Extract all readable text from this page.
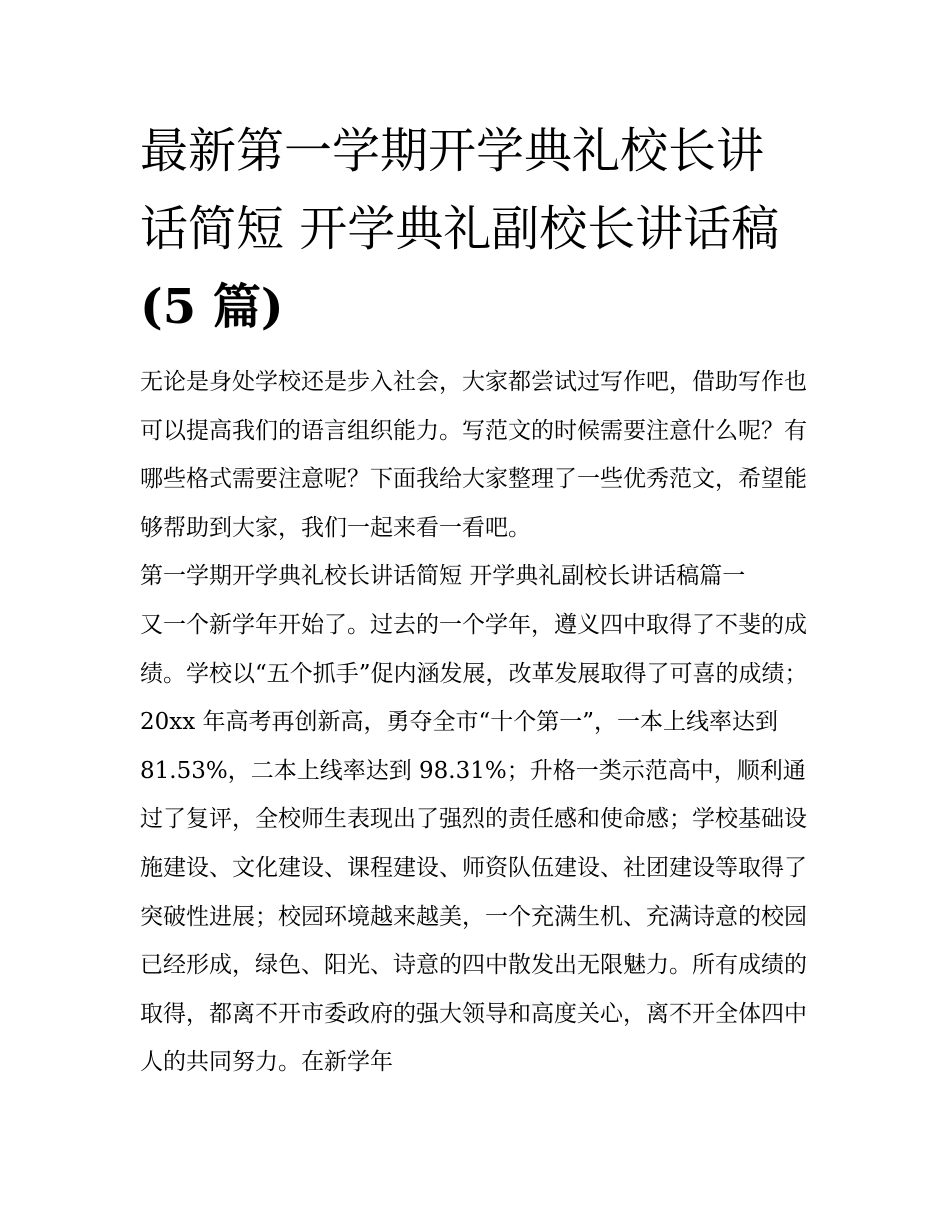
最新第一学期开学典礼校长讲
话简短 开学典礼副校长讲话稿
(5 篇)

无论是身处学校还是步入社会，大家都尝试过写作吧，借助写作也可以提高我们的语言组织能力。写范文的时候需要注意什么呢？有哪些格式需要注意呢？下面我给大家整理了一些优秀范文，希望能够帮助到大家，我们一起来看一看吧。

第一学期开学典礼校长讲话简短 开学典礼副校长讲话稿篇一

又一个新学年开始了。过去的一个学年，遵义四中取得了不斐的成绩。学校以“五个抓手”促内涵发展，改革发展取得了可喜的成绩；20xx 年高考再创新高，勇夺全市“十个第一”，一本上线率达到 81.53%，二本上线率达到 98.31%；升格一类示范高中，顺利通过了复评，全校师生表现出了强烈的责任感和使命感；学校基础设施建设、文化建设、课程建设、师资队伍建设、社团建设等取得了突破性进展；校园环境越来越美，一个充满生机、充满诗意的校园已经形成，绿色、阳光、诗意的四中散发出无限魅力。所有成绩的取得，都离不开市委政府的强大领导和高度关心，离不开全体四中人的共同努力。在新学年
